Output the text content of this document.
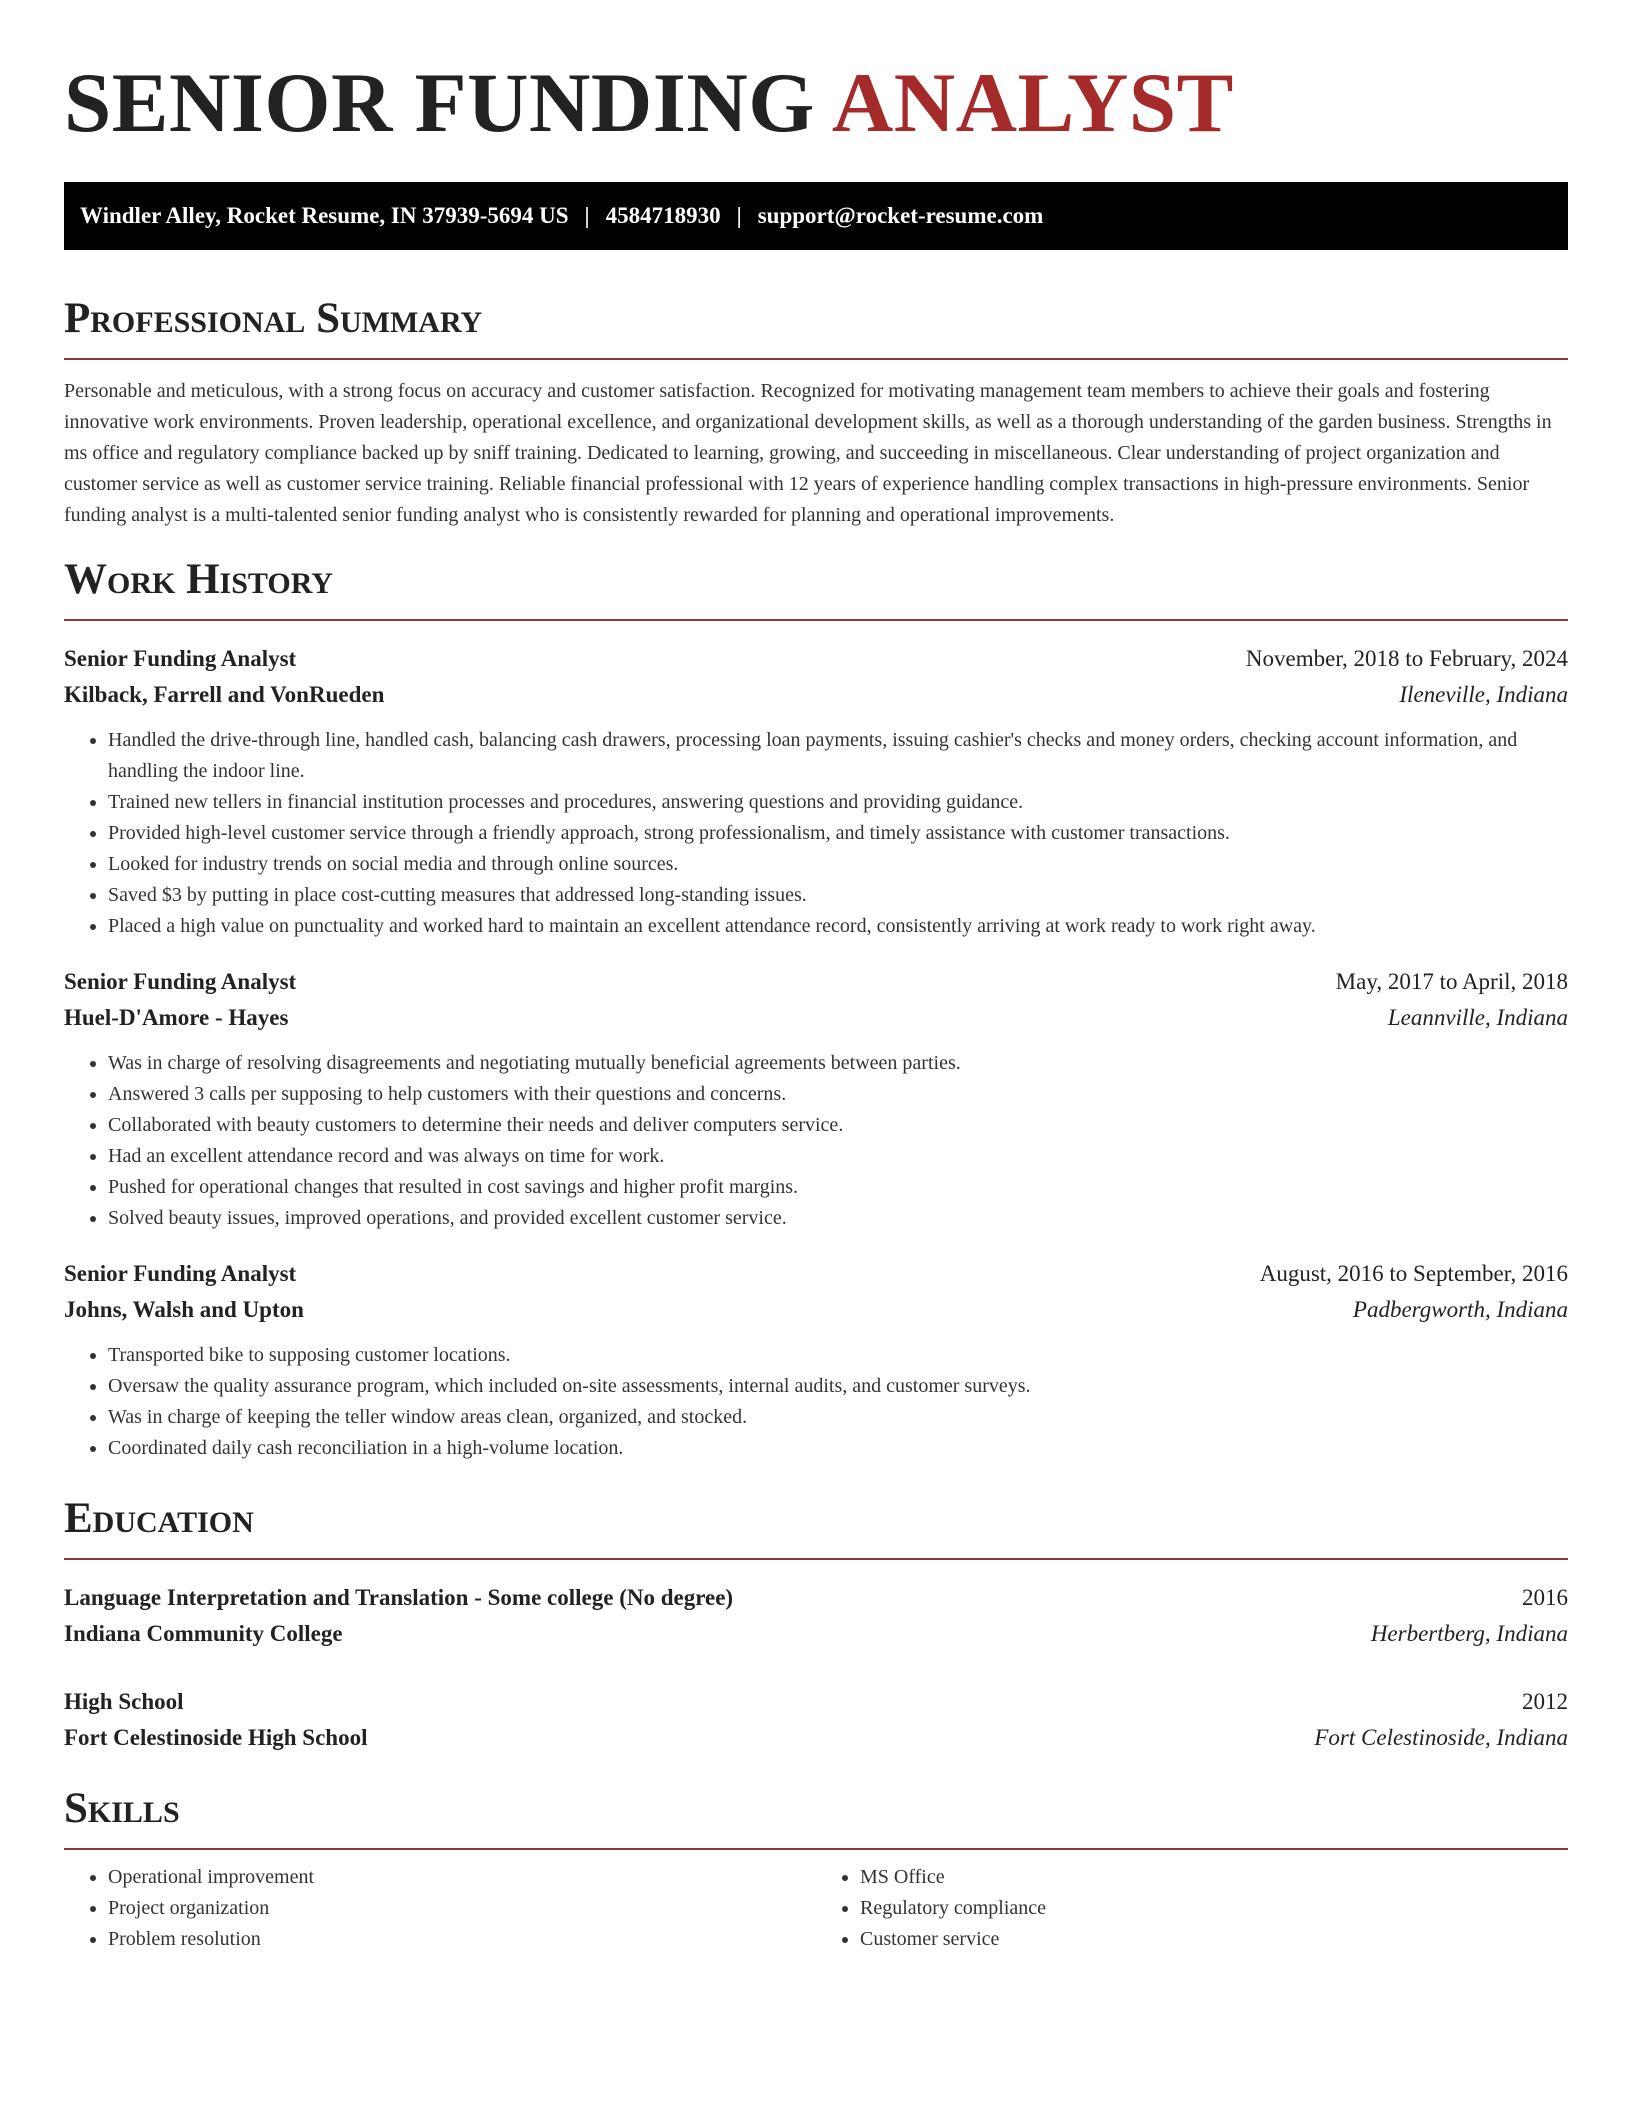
SENIOR FUNDING ANALYST
Windler Alley, Rocket Resume, IN 37939-5694 US | 4584718930 | support@rocket-resume.com
Professional Summary

Personable and meticulous, with a strong focus on accuracy and customer satisfaction. Recognized for motivating management team members to achieve their goals and fostering innovative work environments. Proven leadership, operational excellence, and organizational development skills, as well as a thorough understanding of the garden business. Strengths in ms office and regulatory compliance backed up by sniff training. Dedicated to learning, growing, and succeeding in miscellaneous. Clear understanding of project organization and customer service as well as customer service training. Reliable financial professional with 12 years of experience handling complex transactions in high-pressure environments. Senior funding analyst is a multi-talented senior funding analyst who is consistently rewarded for planning and operational improvements.

Work History
Senior Funding Analyst	November, 2018 to February, 2024
Kilback, Farrell and VonRueden	Ileneville, Indiana
• Handled the drive-through line, handled cash, balancing cash drawers, processing loan payments, issuing cashier's checks and money orders, checking account information, and handling the indoor line.
• Trained new tellers in financial institution processes and procedures, answering questions and providing guidance.
• Provided high-level customer service through a friendly approach, strong professionalism, and timely assistance with customer transactions.
• Looked for industry trends on social media and through online sources.
• Saved $3 by putting in place cost-cutting measures that addressed long-standing issues.
• Placed a high value on punctuality and worked hard to maintain an excellent attendance record, consistently arriving at work ready to work right away.
Senior Funding Analyst	May, 2017 to April, 2018
Huel-D'Amore - Hayes	Leannville, Indiana
• Was in charge of resolving disagreements and negotiating mutually beneficial agreements between parties.
• Answered 3 calls per supposing to help customers with their questions and concerns.
• Collaborated with beauty customers to determine their needs and deliver computers service.
• Had an excellent attendance record and was always on time for work.
• Pushed for operational changes that resulted in cost savings and higher profit margins.
• Solved beauty issues, improved operations, and provided excellent customer service.
Senior Funding Analyst	August, 2016 to September, 2016
Johns, Walsh and Upton	Padbergworth, Indiana
• Transported bike to supposing customer locations.
• Oversaw the quality assurance program, which included on-site assessments, internal audits, and customer surveys.
• Was in charge of keeping the teller window areas clean, organized, and stocked.
• Coordinated daily cash reconciliation in a high-volume location.
Education
Language Interpretation and Translation - Some college (No degree)	2016
Indiana Community College	Herbertberg, Indiana
High School	2012
Fort Celestinoside High School	Fort Celestinoside, Indiana
Skills
• Operational improvement
• Project organization
• Problem resolution
• MS Office
• Regulatory compliance
• Customer service
